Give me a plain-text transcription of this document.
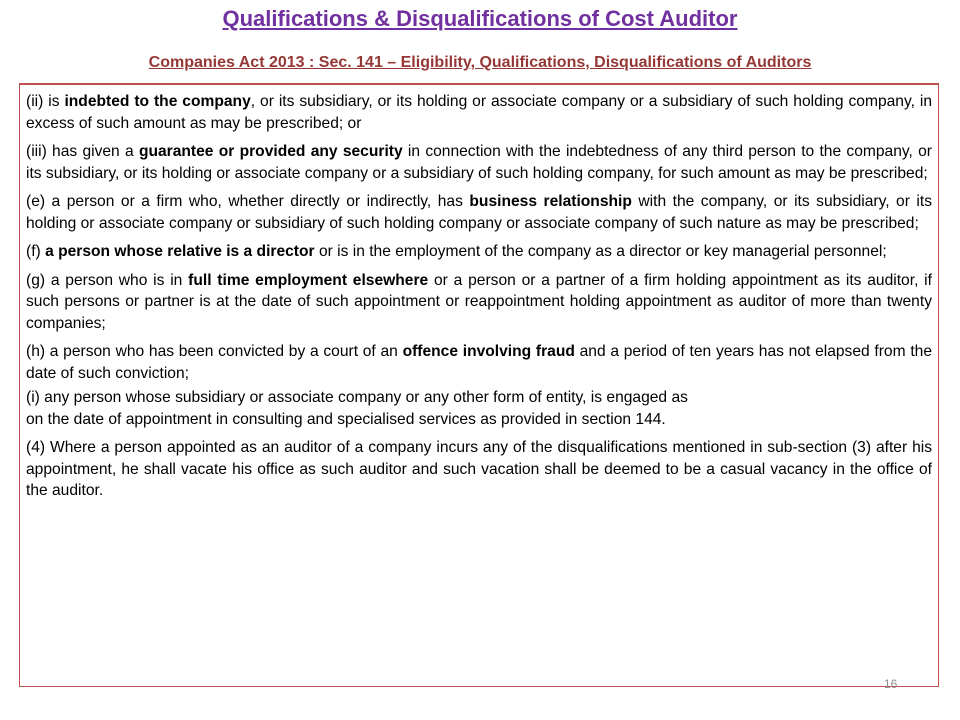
Qualifications & Disqualifications of Cost Auditor
Companies Act 2013 : Sec. 141 – Eligibility, Qualifications, Disqualifications of Auditors

(ii) is indebted to the company, or its subsidiary, or its holding or associate company or a subsidiary of such holding company, in excess of such amount as may be prescribed; or

(iii) has given a guarantee or provided any security in connection with the indebtedness of any third person to the company, or its subsidiary, or its holding or associate company or a subsidiary of such holding company, for such amount as may be prescribed;

(e) a person or a firm who, whether directly or indirectly, has business relationship with the company, or its subsidiary, or its holding or associate company or subsidiary of such holding company or associate company of such nature as may be prescribed;

(f) a person whose relative is a director or is in the employment of the company as a director or key managerial personnel;

(g) a person who is in full time employment elsewhere or a person or a partner of a firm holding appointment as its auditor, if such persons or partner is at the date of such appointment or reappointment holding appointment as auditor of more than twenty companies;

(h) a person who has been convicted by a court of an offence involving fraud and a period of ten years has not elapsed from the date of such conviction;

(i) any person whose subsidiary or associate company or any other form of entity, is engaged as
on the date of appointment in consulting and specialised services as provided in section 144.

(4) Where a person appointed as an auditor of a company incurs any of the disqualifications mentioned in sub-section (3) after his appointment, he shall vacate his office as such auditor and such vacation shall be deemed to be a casual vacancy in the office of the auditor.

16
